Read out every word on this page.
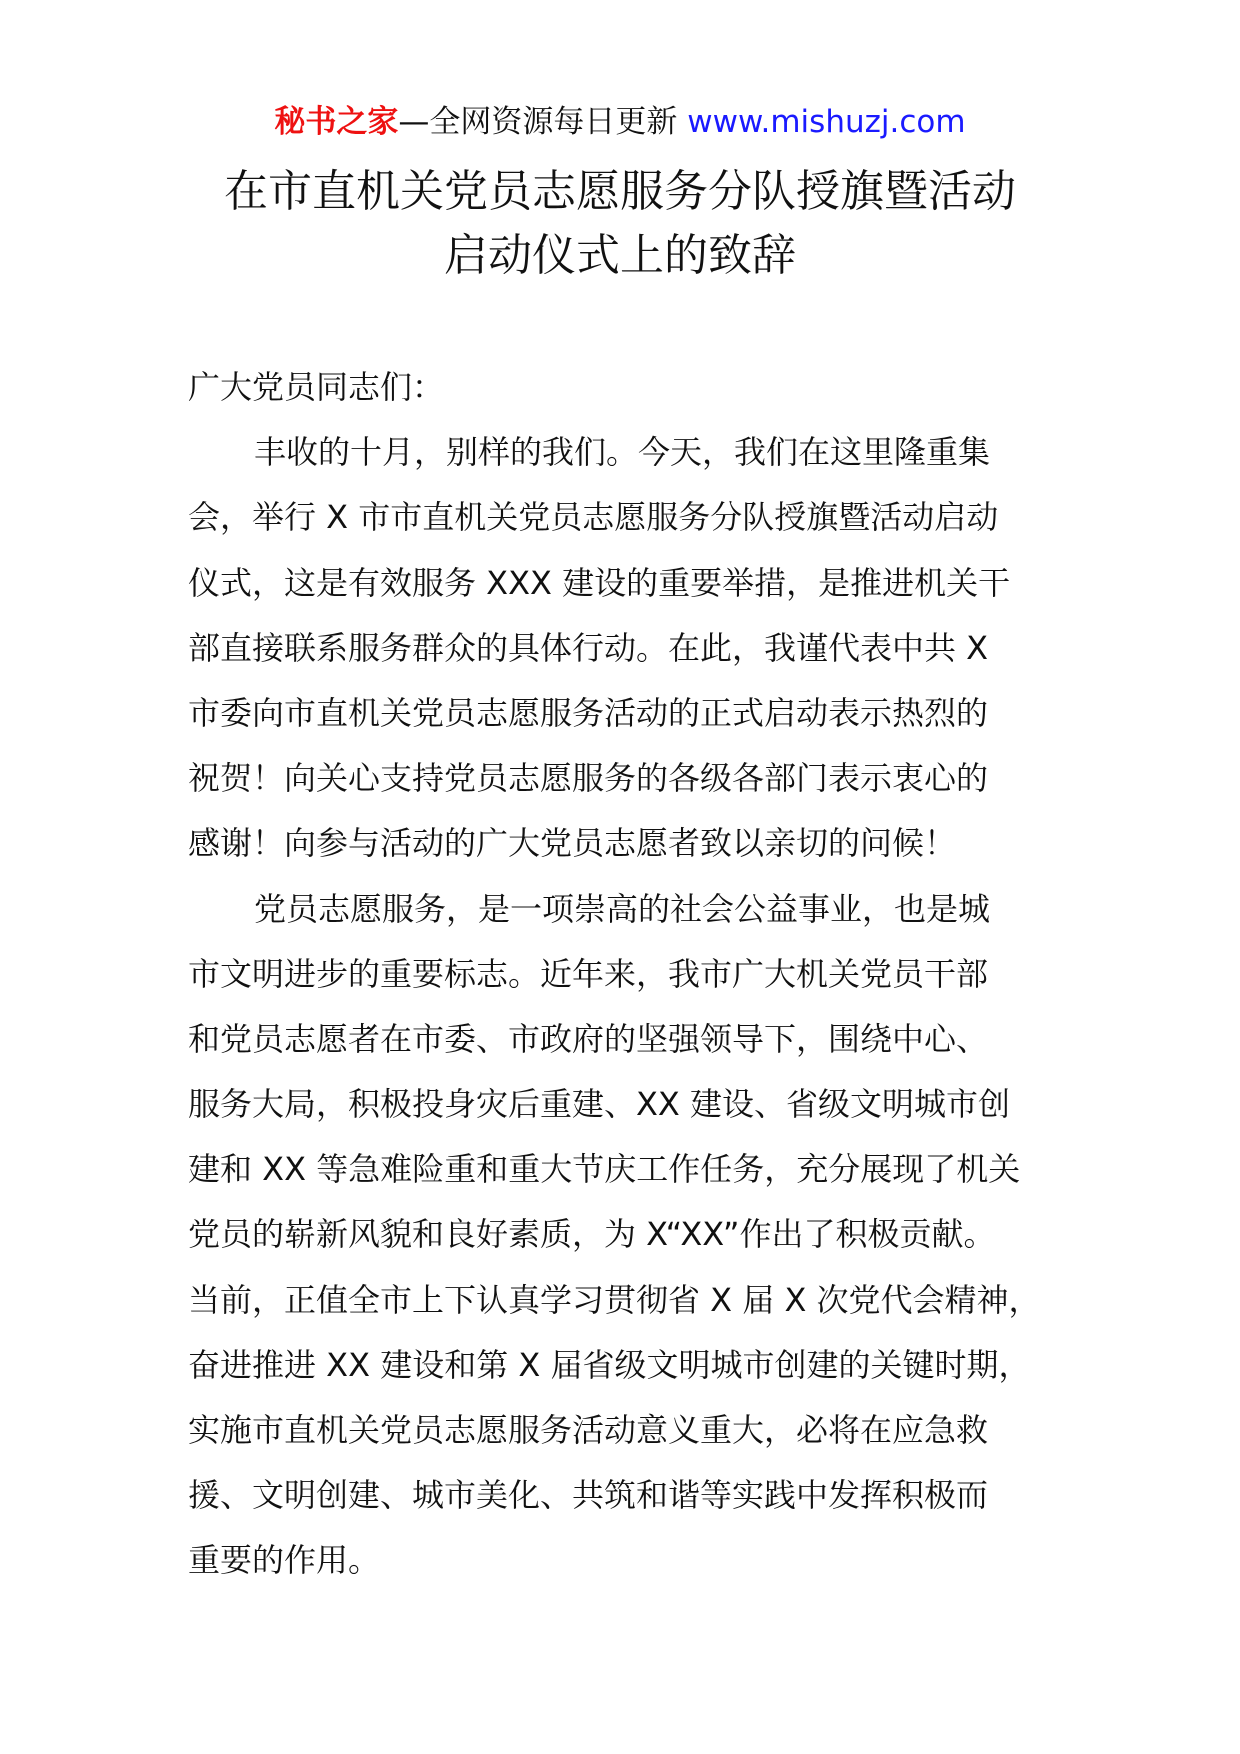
秘书之家—全网资源每日更新 www.mishuzj.com
在市直机关党员志愿服务分队授旗暨活动
启动仪式上的致辞
广大党员同志们：
丰收的十月，别样的我们。今天，我们在这里隆重集
会，举行 X 市市直机关党员志愿服务分队授旗暨活动启动
仪式，这是有效服务 XXX 建设的重要举措，是推进机关干
部直接联系服务群众的具体行动。在此，我谨代表中共 X
市委向市直机关党员志愿服务活动的正式启动表示热烈的
祝贺！向关心支持党员志愿服务的各级各部门表示衷心的
感谢！向参与活动的广大党员志愿者致以亲切的问候！
党员志愿服务，是一项崇高的社会公益事业，也是城
市文明进步的重要标志。近年来，我市广大机关党员干部
和党员志愿者在市委、市政府的坚强领导下，围绕中心、
服务大局，积极投身灾后重建、XX 建设、省级文明城市创
建和 XX 等急难险重和重大节庆工作任务，充分展现了机关
党员的崭新风貌和良好素质，为 X“XX”作出了积极贡献。
当前，正值全市上下认真学习贯彻省 X 届 X 次党代会精神，
奋进推进 XX 建设和第 X 届省级文明城市创建的关键时期，
实施市直机关党员志愿服务活动意义重大，必将在应急救
援、文明创建、城市美化、共筑和谐等实践中发挥积极而
重要的作用。
